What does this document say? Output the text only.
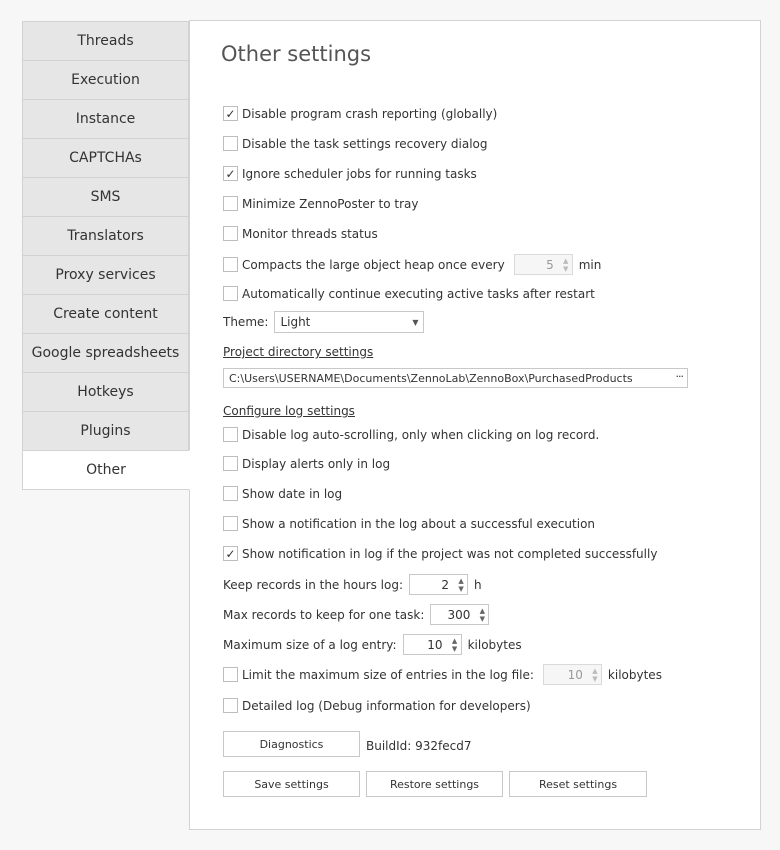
Threads
Execution
Instance
CAPTCHAs
SMS
Translators
Proxy services
Create content
Google spreadsheets
Hotkeys
Plugins
Other
Other settings
✓ Disable program crash reporting (globally)
Disable the task settings recovery dialog
✓ Ignore scheduler jobs for running tasks
Minimize ZennoPoster to tray
Monitor threads status
Compacts the large object heap once every	5	▲
▼ min
Automatically continue executing active tasks after restart
Theme: Light	▼
Project directory settings
C:\Users\USERNAME\Documents\ZennoLab\ZennoBox\PurchasedProducts	···
Configure log settings
Disable log auto-scrolling, only when clicking on log record.
Display alerts only in log
Show date in log
Show a notification in the log about a successful execution
✓ Show notification in log if the project was not completed successfully
Keep records in the hours log:	2	▲
▼ h
Max records to keep for one task:	300	▲
▼
Maximum size of a log entry:	10	▲
▼ kilobytes
Limit the maximum size of entries in the log file:	10	▲
▼ kilobytes
Detailed log (Debug information for developers)
Diagnostics	BuildId: 932fecd7
Save settings	Restore settings	Reset settings
